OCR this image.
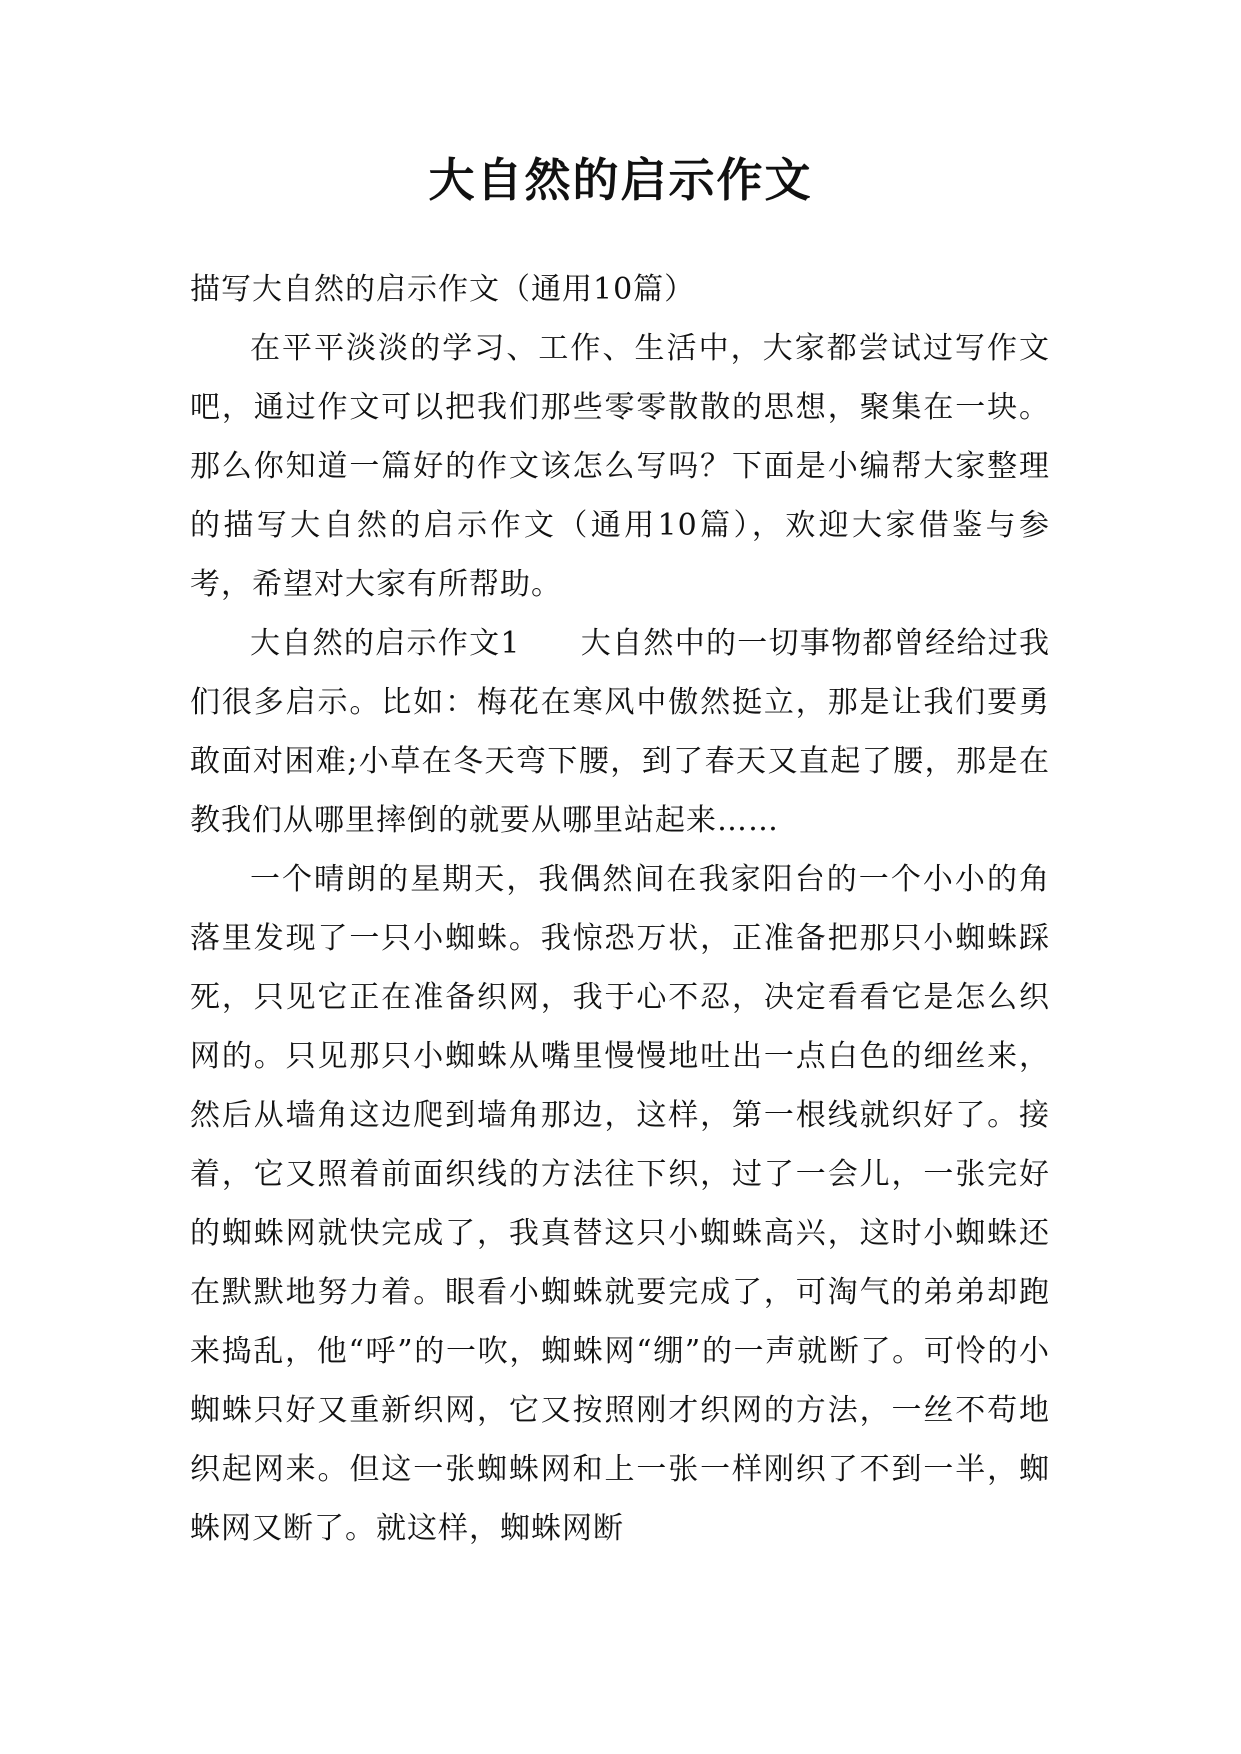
大自然的启示作文

描写大自然的启示作文（通用10篇）

在平平淡淡的学习、工作、生活中，大家都尝试过写作文吧，通过作文可以把我们那些零零散散的思想，聚集在一块。那么你知道一篇好的作文该怎么写吗？下面是小编帮大家整理的描写大自然的启示作文（通用10篇），欢迎大家借鉴与参考，希望对大家有所帮助。

大自然的启示作文1 大自然中的一切事物都曾经给过我们很多启示。比如：梅花在寒风中傲然挺立，那是让我们要勇敢面对困难;小草在冬天弯下腰，到了春天又直起了腰，那是在教我们从哪里摔倒的就要从哪里站起来……

一个晴朗的星期天，我偶然间在我家阳台的一个小小的角落里发现了一只小蜘蛛。我惊恐万状，正准备把那只小蜘蛛踩死，只见它正在准备织网，我于心不忍，决定看看它是怎么织网的。只见那只小蜘蛛从嘴里慢慢地吐出一点白色的细丝来，然后从墙角这边爬到墙角那边，这样，第一根线就织好了。接着，它又照着前面织线的方法往下织，过了一会儿，一张完好的蜘蛛网就快完成了，我真替这只小蜘蛛高兴，这时小蜘蛛还在默默地努力着。眼看小蜘蛛就要完成了，可淘气的弟弟却跑来捣乱，他“呼”的一吹，蜘蛛网“绷”的一声就断了。可怜的小蜘蛛只好又重新织网，它又按照刚才织网的方法，一丝不苟地织起网来。但这一张蜘蛛网和上一张一样刚织了不到一半，蜘蛛网又断了。就这样，蜘蛛网断
